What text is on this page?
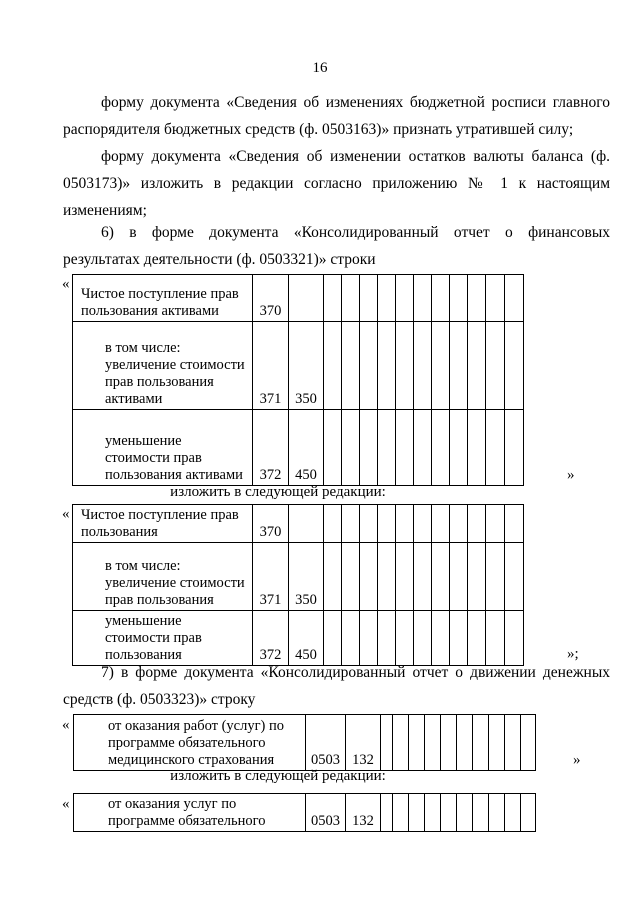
16
форму документа «Сведения об изменениях бюджетной росписи главного распорядителя бюджетных средств (ф. 0503163)» признать утратившей силу;
форму документа «Сведения об изменении остатков валюты баланса (ф. 0503173)» изложить в редакции согласно приложению № 1 к настоящим изменениям;
6) в форме документа «Консолидированный отчет о финансовых результатах деятельности (ф. 0503321)» строки
«
Чистое поступление прав пользования активами	370												
в том числе: увеличение стоимости прав пользования активами	371	350											
уменьшение стоимости прав пользования активами	372	450												»
изложить в следующей редакции:
« Чистое поступление прав пользования	370												
в том числе: увеличение стоимости прав пользования	371	350											
уменьшение стоимости прав пользования	372	450												»;
7) в форме документа «Консолидированный отчет о движении денежных средств (ф. 0503323)» строку
«	от оказания работ (услуг) по программе обязательного медицинского страхования	0503	132											»
изложить в следующей редакции:
«	от оказания услуг по программе обязательного	0503	132										
